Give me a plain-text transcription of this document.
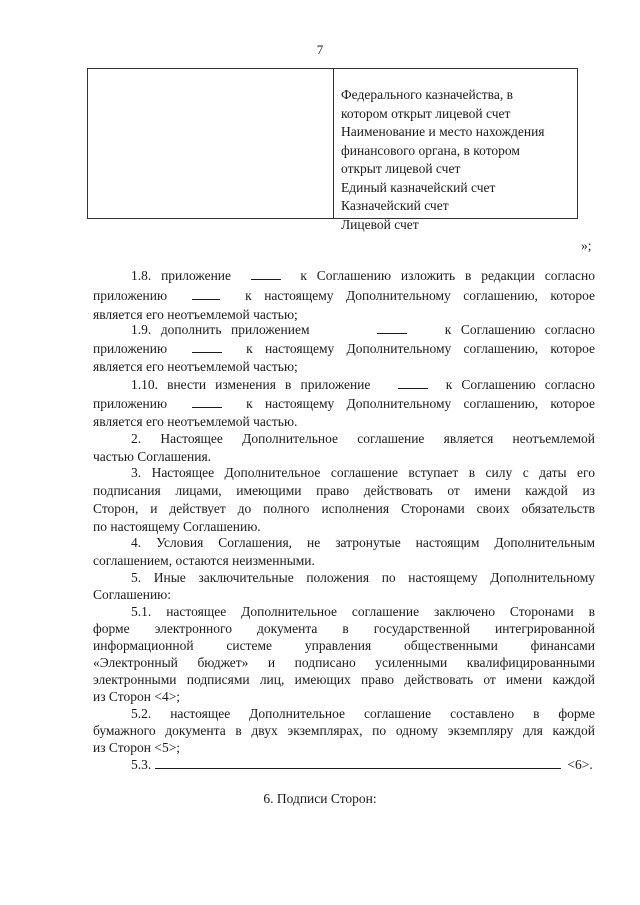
7
Федерального казначейства, в
котором открыт лицевой счет
Наименование и место нахождения
финансового органа, в котором
открыт лицевой счет
Единый казначейский счет
Казначейский счет
Лицевой счет
»;
1.8. приложение	к Соглашению изложить в редакции согласно
приложению	к настоящему Дополнительному соглашению, которое
является его неотъемлемой частью;
1.9. дополнить приложением	к Соглашению согласно
приложению	к настоящему Дополнительному соглашению, которое
является его неотъемлемой частью;
1.10. внести изменения в приложение	к Соглашению согласно
приложению	к настоящему Дополнительному соглашению, которое
является его неотъемлемой частью.
2. Настоящее Дополнительное соглашение является неотъемлемой
частью Соглашения.
3. Настоящее Дополнительное соглашение вступает в силу с даты его
подписания лицами, имеющими право действовать от имени каждой из
Сторон, и действует до полного исполнения Сторонами своих обязательств
по настоящему Соглашению.
4. Условия Соглашения, не затронутые настоящим Дополнительным
соглашением, остаются неизменными.
5. Иные заключительные положения по настоящему Дополнительному
Соглашению:
5.1. настоящее Дополнительное соглашение заключено Сторонами в
форме электронного документа в государственной интегрированной
информационной системе управления общественными финансами
«Электронный бюджет» и подписано усиленными квалифицированными
электронными подписями лиц, имеющих право действовать от имени каждой
из Сторон <4>;
5.2. настоящее Дополнительное соглашение составлено в форме
бумажного документа в двух экземплярах, по одному экземпляру для каждой
из Сторон <5>;
5.3.	<6>.
6. Подписи Сторон:
